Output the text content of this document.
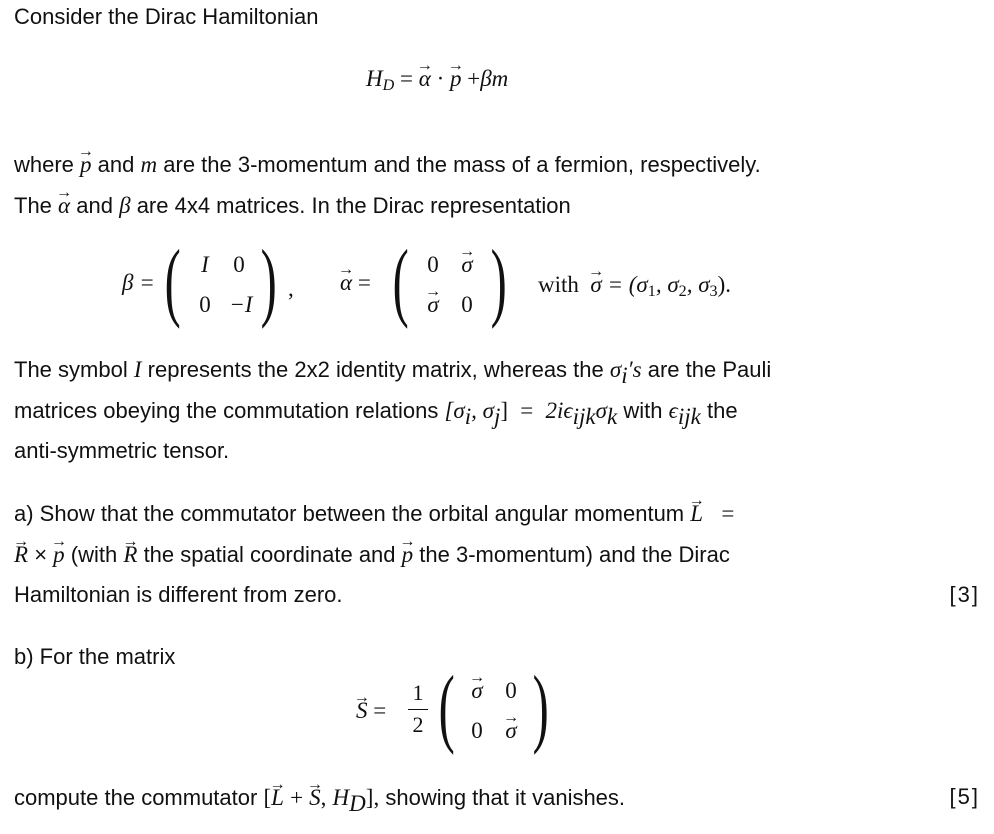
Consider the Dirac Hamiltonian
$H_D = \alpha$ → · p → +βm
where p → and m are the 3-momentum and the mass of a fermion, respectively.
The α → and β are 4x4 matrices. In the Dirac representation
β = ( I	0
0 −I ) , α → = ( 0 σ →
σ → 0 ) with σ → = ($\sigma_1$, $\sigma_2$, $\sigma_3$).
The symbol I represents the 2x2 identity matrix, whereas the $\sigma_i's$ are the Pauli
matrices obeying the commutation relations [$\sigma_i$, $\sigma_j] = 2i\epsilon_{ijk}\sigma_k$ with $\epsilon_{ijk}$ the
anti-symmetric tensor.
a) Show that the commutator between the orbital angular momentum L → =
R → × p → (with R → the spatial coordinate and p → the 3-momentum) and the Dirac
Hamiltonian is different from zero.	[3]
b) For the matrix
S → =
1
2 ( σ → 0
0 σ → )
compute the commutator [L → + S →, $H_D$], showing that it vanishes.	[5]
